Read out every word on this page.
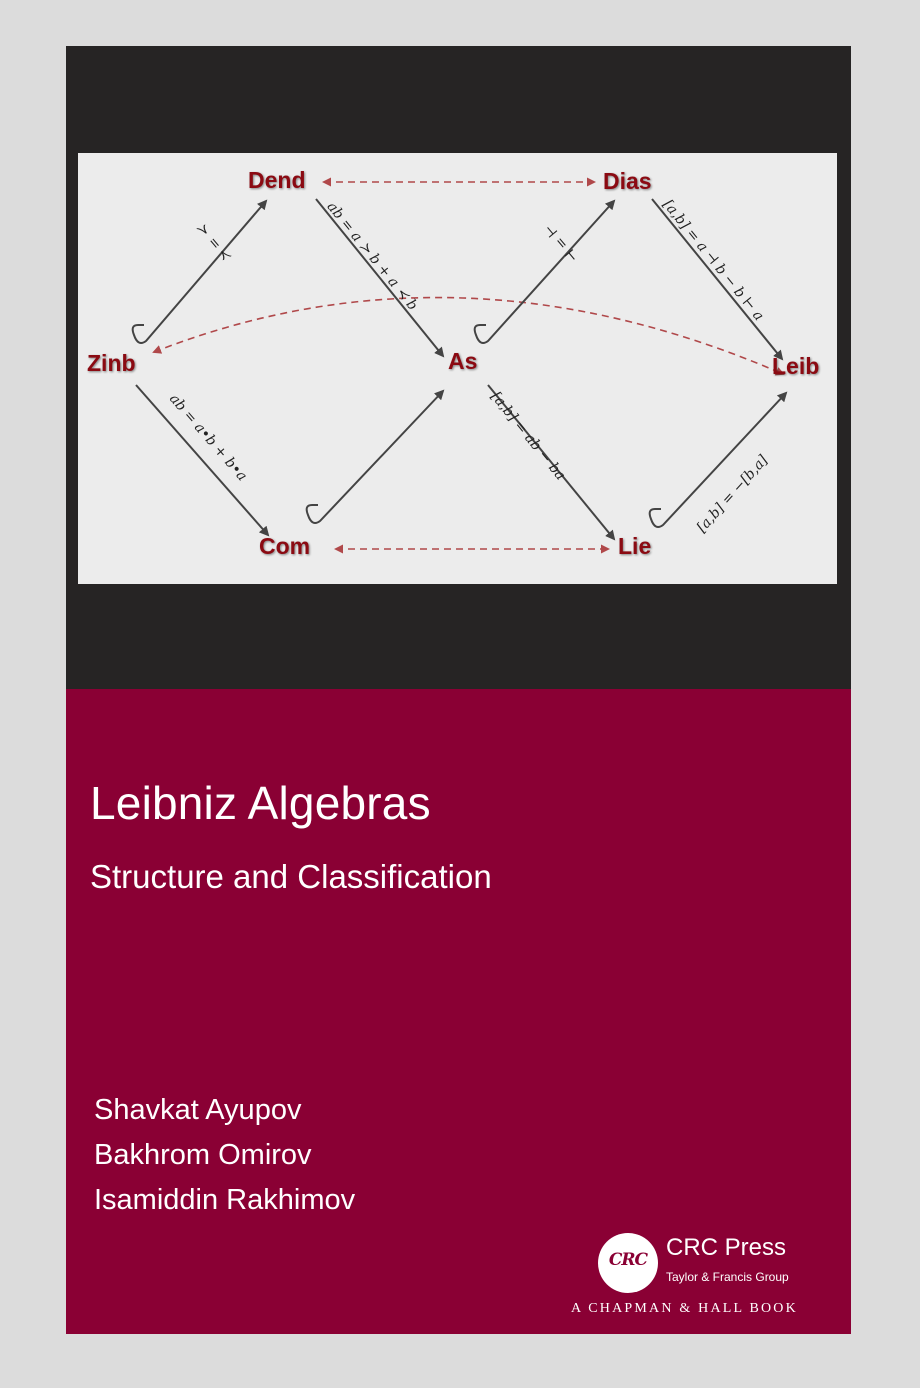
Dend	Dias
Zinb	As	Leib
Com	Lie
≻ = ≺	ab = a ≻ b + a ≺ b
ab = a•b + b•a
⊣ = ⊢	[a,b] = a ⊣ b − b ⊢ a
[a,b] = ab − ba
[a,b] = −[b,a]
Leibniz Algebras
Structure and Classification
Shavkat Ayupov
Bakhrom Omirov
Isamiddin Rakhimov
CRC CRC Press
Taylor & Francis Group
A CHAPMAN & HALL BOOK
